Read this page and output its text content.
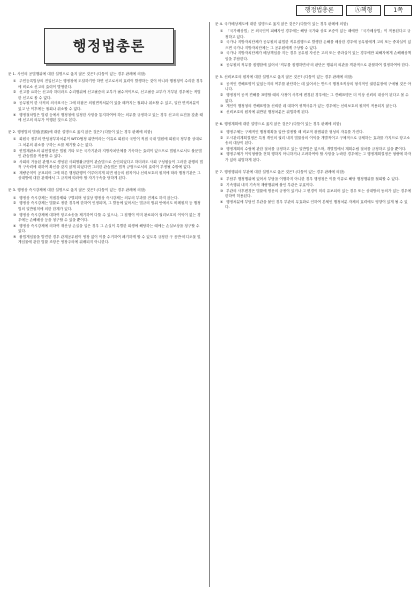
행정법총론	Ⓐ책형	1쪽
행정법총론
문 1. 사인의 공법행위에 대한 설명으로 옳지 않은 것은? (다툼이 있는 경우 판례에 의함)
① 주민등록법상의 전입신고는 행정청에 도달하기만 하면 신고로서의 효력이 발생하는 것이 아니라 행정청이 수리한 경우에 비로소 신고의 효력이 발생한다.
② 신고를 요하는 신고라 하더라도 수리행위에 신고필증의 교부가 필수적이므로, 신고필증 교부가 거부된 경우에는 적법한 신고로 볼 수 없다.
③ 공무원이 한 사직의 의사표시는 그에 터잡은 의원면직처분이 있을 때까지는 철회나 취소할 수 있고, 일단 면직처분이 있고 난 이후에는 철회나 취소할 수 없다.
④ 행정절차법은 법령 등에서 행정청에 일정한 사항을 통지하여야 하는 의무를 규정하고 있는 경우 신고의 요건을 갖춘 때에 신고의 의무가 이행된 것으로 본다.
문 2. 행정법의 법원(法源)에 대한 설명으로 옳지 않은 것은? (다툼이 있는 경우 판례에 의함)
① 회원국 정부의 반덤핑부과처분이 WTO협정 위반이라는 이유로 회원국 국민이 직접 국내 법원에 회원국 정부를 상대로 그 처분의 취소를 구하는 소를 제기할 수는 없다.
② 헌법재판소의 위헌결정은 법원 기타 모든 국가기관과 지방자치단체를 기속하는 효력이 있으므로 법원으로서도 불문법인 관습법을 적용할 수 있다.
③ 사회의 거듭된 관행으로 생성된 사회생활규범이 관습법으로 승인되었다고 하더라도 사회 구성원들이 그러한 관행의 법적 구속력에 대하여 확신을 갖지 않게 되었다면 그러한 관습법은 법적 규범으로서의 효력이 부정될 수밖에 없다.
④ 재량준칙이 공표되어 그에 따른 행정관행이 이루어지게 되면 평등의 원칙이나 신뢰보호의 원칙에 따라 행정기관은 그 상대방에 대한 관계에서 그 규칙에 따라야 할 자기구속을 당하게 된다.
문 3. 행정상 즉시강제에 대한 설명으로 옳지 않은 것은? (다툼이 있는 경우 판례에 의함)
① 행정상 즉시강제는 직접강제와 구별되며 성질상 행정상 즉시강제는 의무의 부과를 전제로 하지 않는다.
② 행정상 즉시강제는 법률로 정한 경우에 한하여 인정되며, 그 발동에 있어서는 법규의 범위 안에서도 비례원칙 등 행정법의 일반원칙에 의한 한계가 있다.
③ 행정상 즉시강제에 대하여 항고소송을 제기하여 다툴 수 있으나, 그 집행이 이미 완료되어 권리보호의 이익이 없는 경우에는 손해배상 등을 청구할 수 있을 뿐이다.
④ 행정상 즉시강제에 의하여 재산상 손실을 입은 경우 그 손실이 특별한 희생에 해당하는 때에는 손실보상을 청구할 수 있다.
⑤ 불법게임물을 발견한 경우 관계공무원이 영장 없이 이를 수거하여 폐기하게 할 수 있도록 규정한 구 음반·비디오물 및 게임물에 관한 법률 조항은 영장주의에 위배되지 아니한다.
문 4. 국가배상제도에 대한 설명으로 옳지 않은 것은? (다툼이 있는 경우 판례에 의함)
① 「국가배상법」은 외국인이 피해자인 경우에는 해당 국가와 상호 보증이 있는 때에만 「국가배상법」이 적용된다고 규정하고 있다.
② 국가나 지방자치단체가 공무원의 위법한 직무집행으로 발생한 손해를 배상한 경우에 공무원에게 고의 또는 중과실이 있으면 국가나 지방자치단체는 그 공무원에게 구상할 수 있다.
③ 국가나 지방자치단체가 배상책임을 지는 경우 공무원 자신은 고의 또는 중과실이 있는 경우에만 피해자에게 손해배상책임을 부담한다.
④ 공무원의 직무를 집행함에 있어서 '직무를 집행하면서'의 판단은 행위의 외관을 객관적으로 관찰하여 결정하여야 한다.
문 5. 신뢰보호의 원칙에 대한 설명으로 옳지 않은 것은? (다툼이 있는 경우 판례에 의함)
① 공적인 견해표명이 있었는지의 여부를 판단하는 데 있어서는 반드시 행정조직상의 형식적인 권한분장에 구애될 것은 아니다.
② 행정청이 공적 견해를 표명할 때의 사정이 사후에 변경된 경우에는 그 견해표명은 더 이상 신뢰의 대상이 된다고 볼 수 없다.
③ 개인이 행정청의 견해표명을 신뢰한 데 대하여 귀책사유가 있는 경우에는 신뢰보호의 원칙이 적용되지 않는다.
④ 신뢰보호의 원칙에 위반된 행정처분은 위법하게 된다.
문 6. 행정계획에 대한 설명으로 옳지 않은 것은? (다툼이 있는 경우 판례에 의함)
① 행정주체는 구체적인 행정계획을 입안·결정할 때 비교적 광범위한 형성의 자유를 가진다.
② 도시관리계획결정은 특정 개인의 권리 내지 법률상의 이익을 개별적이고 구체적으로 규제하는 효과를 가지므로 항고소송의 대상이 된다.
③ 행정계획의 수립에 관한 절차를 규정하고 있는 일반법은 없으며, 개별법에서 계획수립 절차를 규정하고 있을 뿐이다.
④ 행정주체가 이익형량을 전혀 행하지 아니하거나 고려하여야 할 사항을 누락한 경우에는 그 행정계획결정은 형량에 하자가 있어 위법하게 된다.
문 7. 행정행위의 부관에 대한 설명으로 옳은 것은? (다툼이 있는 경우 판례에 의함)
① 부담부 행정행위에 있어서 부담을 이행하지 아니한 경우 행정청은 이를 이유로 해당 행정행위를 철회할 수 있다.
② 기속행위 내지 기속적 재량행위에 붙인 부관은 무효이다.
③ 부관의 사후변경은 법률에 명문의 규정이 있거나 그 변경이 미리 유보되어 있는 경우 또는 상대방의 동의가 있는 경우에 한하여 허용된다.
④ 행정처분에 부담인 부관을 붙인 경우 부관의 무효화로 인하여 본체인 행정처분 자체의 효력에도 영향이 있게 될 수 있다.
